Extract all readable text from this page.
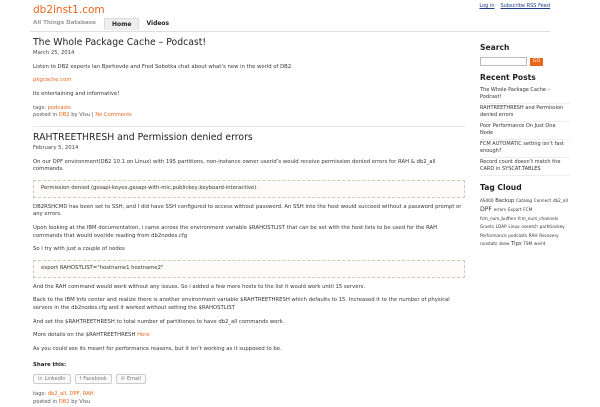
db2inst1.com
All Things Database	Home	Videos
Log in Subscribe RSS Feed
The Whole Package Cache – Podcast!
March 25, 2014
Listen to DB2 experts Ian Bjorhovde and Fred Sobotka chat about what’s new in the world of DB2.
pkgcache.com
Its entertaining and informative!
tags: podcasts
posted in DB2 by Visu | No Comments
RAHTREETHRESH and Permission denied errors
February 5, 2014
On our DPF environment(DB2 10.1 on Linux) with 195 partitions, non-instance owner userid’s would receive permission denied errors for RAH & db2_all commands.
Permission denied (gssapi-keyex,gssapi-with-mic,publickey,keyboard-interactive).
DB2RSHCMD has been set to SSH, and I did have SSH configured to access without password. An SSH into the host would succeed without a password prompt or any errors.
Upon looking at the IBM documentation, i came across the environment variable $RAHOSTLIST that can be set with the host lists to be used for the RAH commands that would overide reading from db2nodes.cfg
So i try with just a couple of nodes
export RAHOSTLIST="hostname1 hostname2"
And the RAH command would work without any issues. So i added a few more hosts to the list it would work until 15 servers.
Back to the IBM Info center and realize there is another environment variable $RAHTREETHRESH which defaults to 15. Increased it to the number of physical servers in the db2nodes.cfg and it worked without setting the $RAHOSTLIST
And set the $RAHTREETHRESH to total number of partitiones to have db2_all commands work.
More details on the $RAHTREETHRESH Here
As you could see its meant for performance reasons, but it isn’t working as it supposed to be.
Share this:
in LinkedIn	f Facebook	✉ Email
tags: db2_all, DPF, RAH
posted in DB2 by Visu
Search
GO
Recent Posts
The Whole Package Cache – Podcast!
RAHTREETHRESH and Permission denied errors
Poor Performance On Just One Node
FCM AUTOMATIC setting isn’t fast enough?
Record count doesn’t match the CARD in SYSCAT.TABLES
Tag Cloud
AS400 Backup Catalog Connect db2_all DPF errors Export FCM fcm_num_buffers fcm_num_channels Grants LDAP Linux nosetch partitionkey Performance podcasts RAH Recovery runstats skew Tips TSM weird
